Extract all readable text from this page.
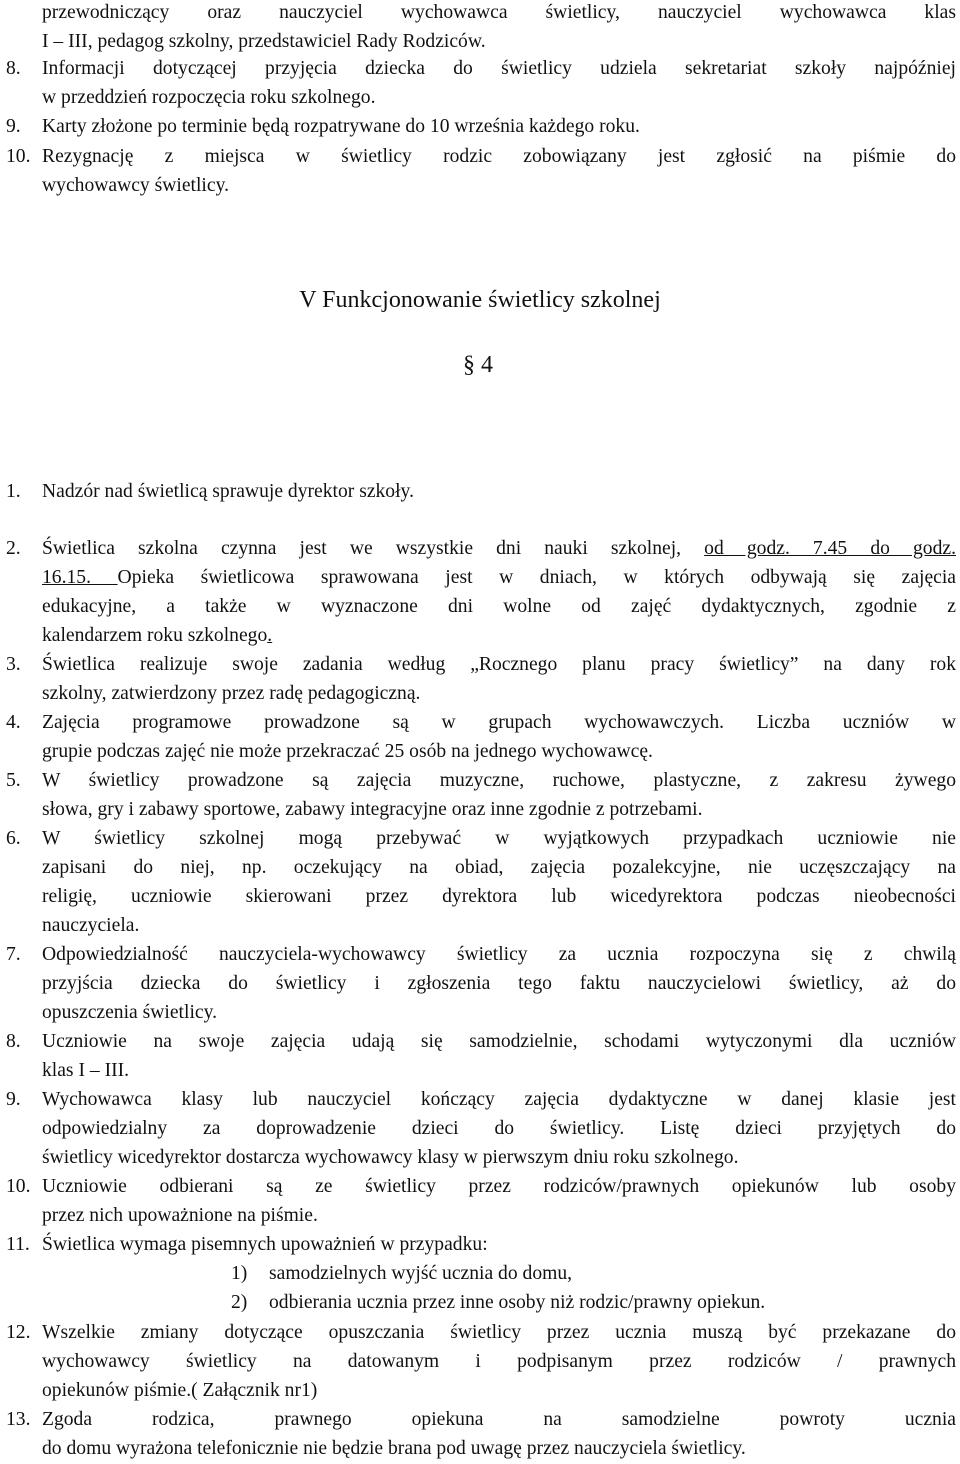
przewodniczący oraz nauczyciel wychowawca świetlicy, nauczyciel wychowawca klas
I – III, pedagog szkolny, przedstawiciel Rady Rodziców.
8.	Informacji dotyczącej przyjęcia dziecka do świetlicy udziela sekretariat szkoły najpóźniej
w przeddzień rozpoczęcia roku szkolnego.
9.	Karty złożone po terminie będą rozpatrywane do 10 września każdego roku.
10. Rezygnację z miejsca w świetlicy rodzic zobowiązany jest zgłosić na piśmie do
wychowawcy świetlicy.
V Funkcjonowanie świetlicy szkolnej
§ 4
1.	Nadzór nad świetlicą sprawuje dyrektor szkoły.
2.	Świetlica szkolna czynna jest we wszystkie dni nauki szkolnej, od godz. 7.45 do godz.
16.15. Opieka świetlicowa sprawowana jest w dniach, w których odbywają się zajęcia
edukacyjne, a także w wyznaczone dni wolne od zajęć dydaktycznych, zgodnie z
kalendarzem roku szkolnego.
3.	Świetlica realizuje swoje zadania według „Rocznego planu pracy świetlicy” na dany rok
szkolny, zatwierdzony przez radę pedagogiczną.
4.	Zajęcia programowe prowadzone są w grupach wychowawczych. Liczba uczniów w
grupie podczas zajęć nie może przekraczać 25 osób na jednego wychowawcę.
5.	W świetlicy prowadzone są zajęcia muzyczne, ruchowe, plastyczne, z zakresu żywego
słowa, gry i zabawy sportowe, zabawy integracyjne oraz inne zgodnie z potrzebami.
6.	W świetlicy szkolnej mogą przebywać w wyjątkowych przypadkach uczniowie nie
zapisani do niej, np. oczekujący na obiad, zajęcia pozalekcyjne, nie uczęszczający na
religię, uczniowie skierowani przez dyrektora lub wicedyrektora podczas nieobecności
nauczyciela.
7.	Odpowiedzialność nauczyciela-wychowawcy świetlicy za ucznia rozpoczyna się z chwilą
przyjścia dziecka do świetlicy i zgłoszenia tego faktu nauczycielowi świetlicy, aż do
opuszczenia świetlicy.
8.	Uczniowie na swoje zajęcia udają się samodzielnie, schodami wytyczonymi dla uczniów
klas I – III.
9.	Wychowawca klasy lub nauczyciel kończący zajęcia dydaktyczne w danej klasie jest
odpowiedzialny za doprowadzenie dzieci do świetlicy. Listę dzieci przyjętych do
świetlicy wicedyrektor dostarcza wychowawcy klasy w pierwszym dniu roku szkolnego.
10. Uczniowie odbierani są ze świetlicy przez rodziców/prawnych opiekunów lub osoby
przez nich upoważnione na piśmie.
11. Świetlica wymaga pisemnych upoważnień w przypadku:
1) samodzielnych wyjść ucznia do domu,
2) odbierania ucznia przez inne osoby niż rodzic/prawny opiekun.
12. Wszelkie zmiany dotyczące opuszczania świetlicy przez ucznia muszą być przekazane do
wychowawcy świetlicy na datowanym i podpisanym przez rodziców / prawnych
opiekunów piśmie.( Załącznik nr1)
13. Zgoda rodzica, prawnego opiekuna na samodzielne powroty ucznia
do domu wyrażona telefonicznie nie będzie brana pod uwagę przez nauczyciela świetlicy.
